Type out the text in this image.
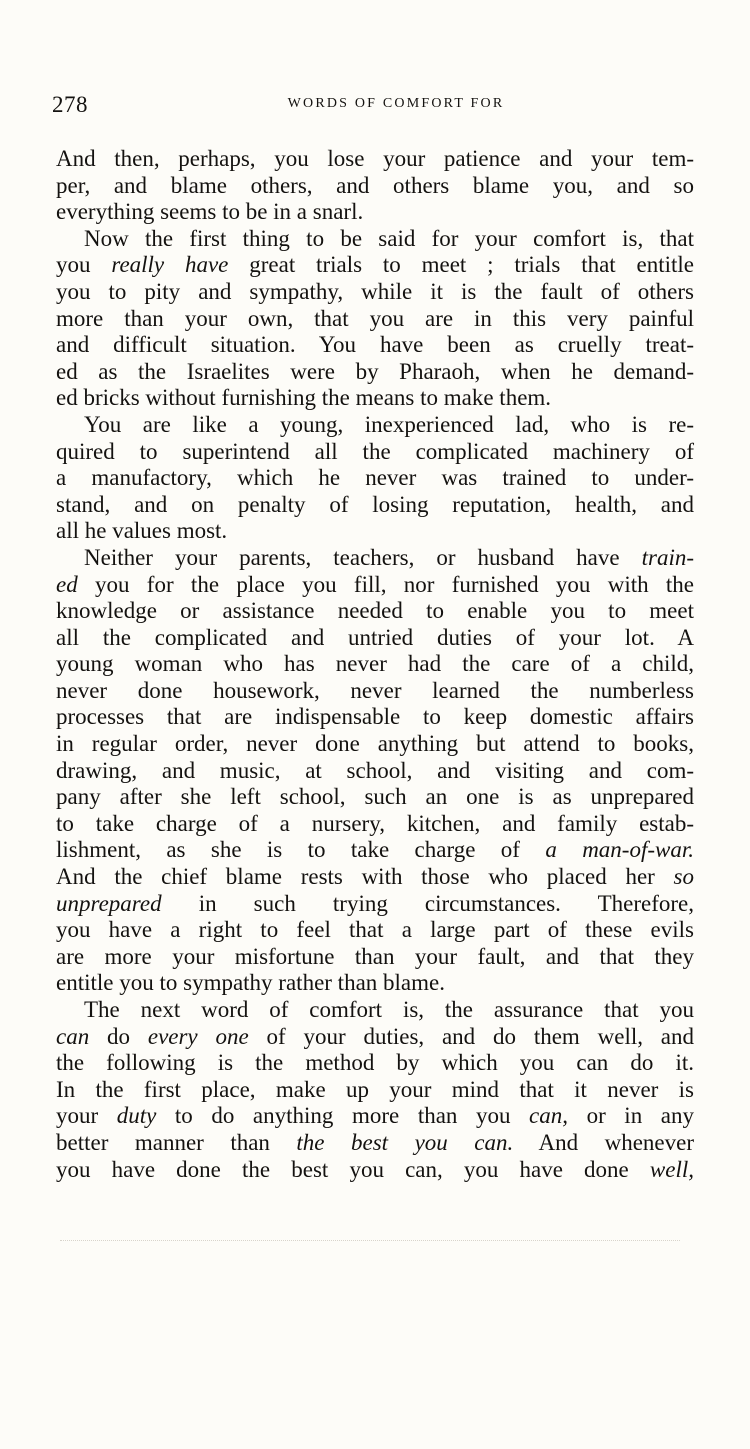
278	WORDS OF COMFORT FOR
And then, perhaps, you lose your patience and your tem-
per, and blame others, and others blame you, and so
everything seems to be in a snarl.
Now the first thing to be said for your comfort is, that
you really have great trials to meet ; trials that entitle
you to pity and sympathy, while it is the fault of others
more than your own, that you are in this very painful
and difficult situation. You have been as cruelly treat-
ed as the Israelites were by Pharaoh, when he demand-
ed bricks without furnishing the means to make them.
You are like a young, inexperienced lad, who is re-
quired to superintend all the complicated machinery of
a manufactory, which he never was trained to under-
stand, and on penalty of losing reputation, health, and
all he values most.
Neither your parents, teachers, or husband have train-
ed you for the place you fill, nor furnished you with the
knowledge or assistance needed to enable you to meet
all the complicated and untried duties of your lot. A
young woman who has never had the care of a child,
never done housework, never learned the numberless
processes that are indispensable to keep domestic affairs
in regular order, never done anything but attend to books,
drawing, and music, at school, and visiting and com-
pany after she left school, such an one is as unprepared
to take charge of a nursery, kitchen, and family estab-
lishment, as she is to take charge of a man-of-war.
And the chief blame rests with those who placed her so
unprepared in such trying circumstances. Therefore,
you have a right to feel that a large part of these evils
are more your misfortune than your fault, and that they
entitle you to sympathy rather than blame.
The next word of comfort is, the assurance that you
can do every one of your duties, and do them well, and
the following is the method by which you can do it.
In the first place, make up your mind that it never is
your duty to do anything more than you can, or in any
better manner than the best you can. And whenever
you have done the best you can, you have done well,
